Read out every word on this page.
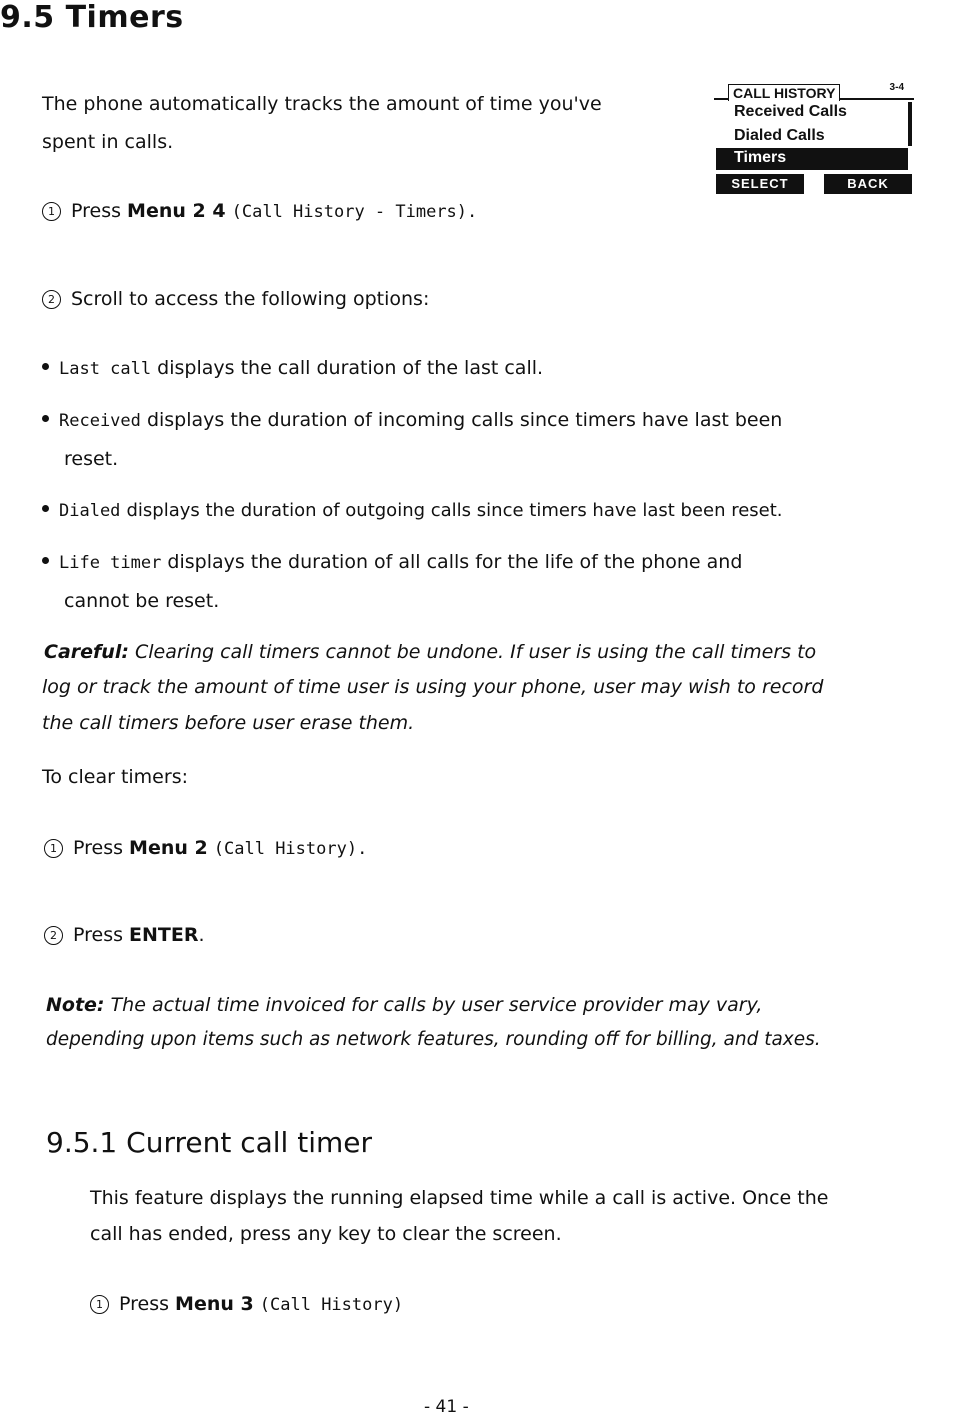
9.5 Timers
The phone automatically tracks the amount of time you've
spent in calls.
CALL HISTORY	3-4
Received Calls
Dialed Calls
Timers
SELECT	BACK
1 Press Menu 2 4 (Call History - Timers).
2 Scroll to access the following options:
Last call displays the call duration of the last call.
Received displays the duration of incoming calls since timers have last been
reset.
Dialed displays the duration of outgoing calls since timers have last been reset.
Life timer displays the duration of all calls for the life of the phone and
cannot be reset.
Careful: Clearing call timers cannot be undone. If user is using the call timers to
log or track the amount of time user is using your phone, user may wish to record
the call timers before user erase them.
To clear timers:
1 Press Menu 2 (Call History).
2 Press ENTER.
Note: The actual time invoiced for calls by user service provider may vary,
depending upon items such as network features, rounding off for billing, and taxes.
9.5.1 Current call timer
This feature displays the running elapsed time while a call is active. Once the
call has ended, press any key to clear the screen.
1 Press Menu 3 (Call History)
- 41 -
